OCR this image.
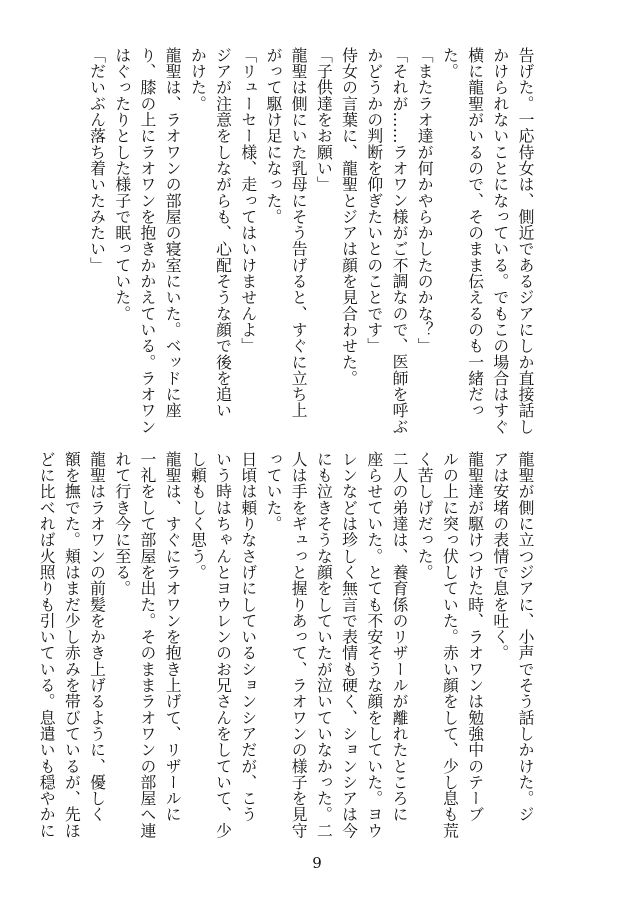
告げた。一応侍女は、側近であるジアにしか直接話し
かけられないことになっている。でもこの場合はすぐ
横に龍聖がいるので、そのまま伝えるのも一緒だっ
た。
「またラオ達が何かやらかしたのかな？」
「それが……ラオワン様がご不調なので、医師を呼ぶ
かどうかの判断を仰ぎたいとのことです」
侍女の言葉に、龍聖とジアは顔を見合わせた。
「子供達をお願い」
龍聖は側にいた乳母にそう告げると、すぐに立ち上
がって駆け足になった。
「リューセー様、走ってはいけませんよ」
ジアが注意をしながらも、心配そうな顔で後を追い
かけた。
龍聖は、ラオワンの部屋の寝室にいた。ベッドに座
り、膝の上にラオワンを抱きかかえている。ラオワン
はぐったりとした様子で眠っていた。
「だいぶん落ち着いたみたい」
龍聖が側に立つジアに、小声でそう話しかけた。ジ
アは安堵の表情で息を吐く。
龍聖達が駆けつけた時、ラオワンは勉強中のテーブ
ルの上に突っ伏していた。赤い顔をして、少し息も荒
く苦しげだった。
二人の弟達は、養育係のリザールが離れたところに
座らせていた。とても不安そうな顔をしていた。ヨウ
レンなどは珍しく無言で表情も硬く、ションシアは今
にも泣きそうな顔をしていたが泣いていなかった。二
人は手をギュっと握りあって、ラオワンの様子を見守
っていた。
日頃は頼りなさげにしているションシアだが、こう
いう時はちゃんとヨウレンのお兄さんをしていて、少
し頼もしく思う。
龍聖は、すぐにラオワンを抱き上げて、リザールに
一礼をして部屋を出た。そのままラオワンの部屋へ連
れて行き今に至る。
龍聖はラオワンの前髪をかき上げるように、優しく
額を撫でた。頬はまだ少し赤みを帯びているが、先ほ
どに比べれば火照りも引いている。息遣いも穏やかに
9
